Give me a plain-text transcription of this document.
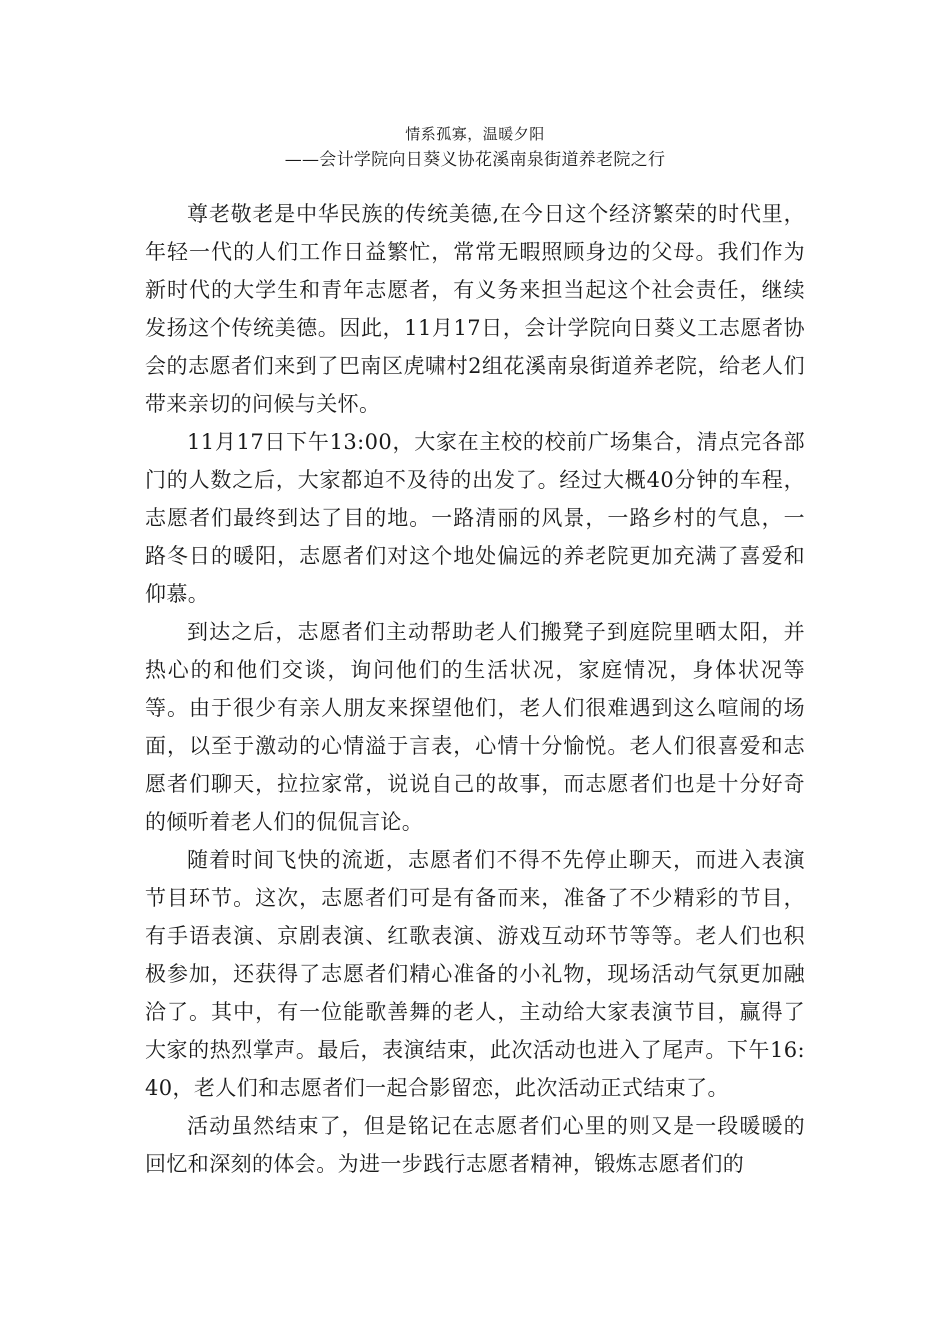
情系孤寡，温暖夕阳
——会计学院向日葵义协花溪南泉街道养老院之行

尊老敬老是中华民族的传统美德,在今日这个经济繁荣的时代里，年轻一代的人们工作日益繁忙，常常无暇照顾身边的父母。我们作为新时代的大学生和青年志愿者，有义务来担当起这个社会责任，继续发扬这个传统美德。因此，11月17日，会计学院向日葵义工志愿者协会的志愿者们来到了巴南区虎啸村2组花溪南泉街道养老院，给老人们带来亲切的问候与关怀。

11月17日下午13:00，大家在主校的校前广场集合，清点完各部门的人数之后，大家都迫不及待的出发了。经过大概40分钟的车程，志愿者们最终到达了目的地。一路清丽的风景，一路乡村的气息，一路冬日的暖阳，志愿者们对这个地处偏远的养老院更加充满了喜爱和仰慕。

到达之后，志愿者们主动帮助老人们搬凳子到庭院里晒太阳，并热心的和他们交谈，询问他们的生活状况，家庭情况，身体状况等等。由于很少有亲人朋友来探望他们，老人们很难遇到这么喧闹的场面，以至于激动的心情溢于言表，心情十分愉悦。老人们很喜爱和志愿者们聊天，拉拉家常，说说自己的故事，而志愿者们也是十分好奇的倾听着老人们的侃侃言论。

随着时间飞快的流逝，志愿者们不得不先停止聊天，而进入表演节目环节。这次，志愿者们可是有备而来，准备了不少精彩的节目，有手语表演、京剧表演、红歌表演、游戏互动环节等等。老人们也积极参加，还获得了志愿者们精心准备的小礼物，现场活动气氛更加融洽了。其中，有一位能歌善舞的老人，主动给大家表演节目，赢得了大家的热烈掌声。最后，表演结束，此次活动也进入了尾声。下午16:40，老人们和志愿者们一起合影留恋，此次活动正式结束了。

活动虽然结束了，但是铭记在志愿者们心里的则又是一段暖暖的回忆和深刻的体会。为进一步践行志愿者精神，锻炼志愿者们的
